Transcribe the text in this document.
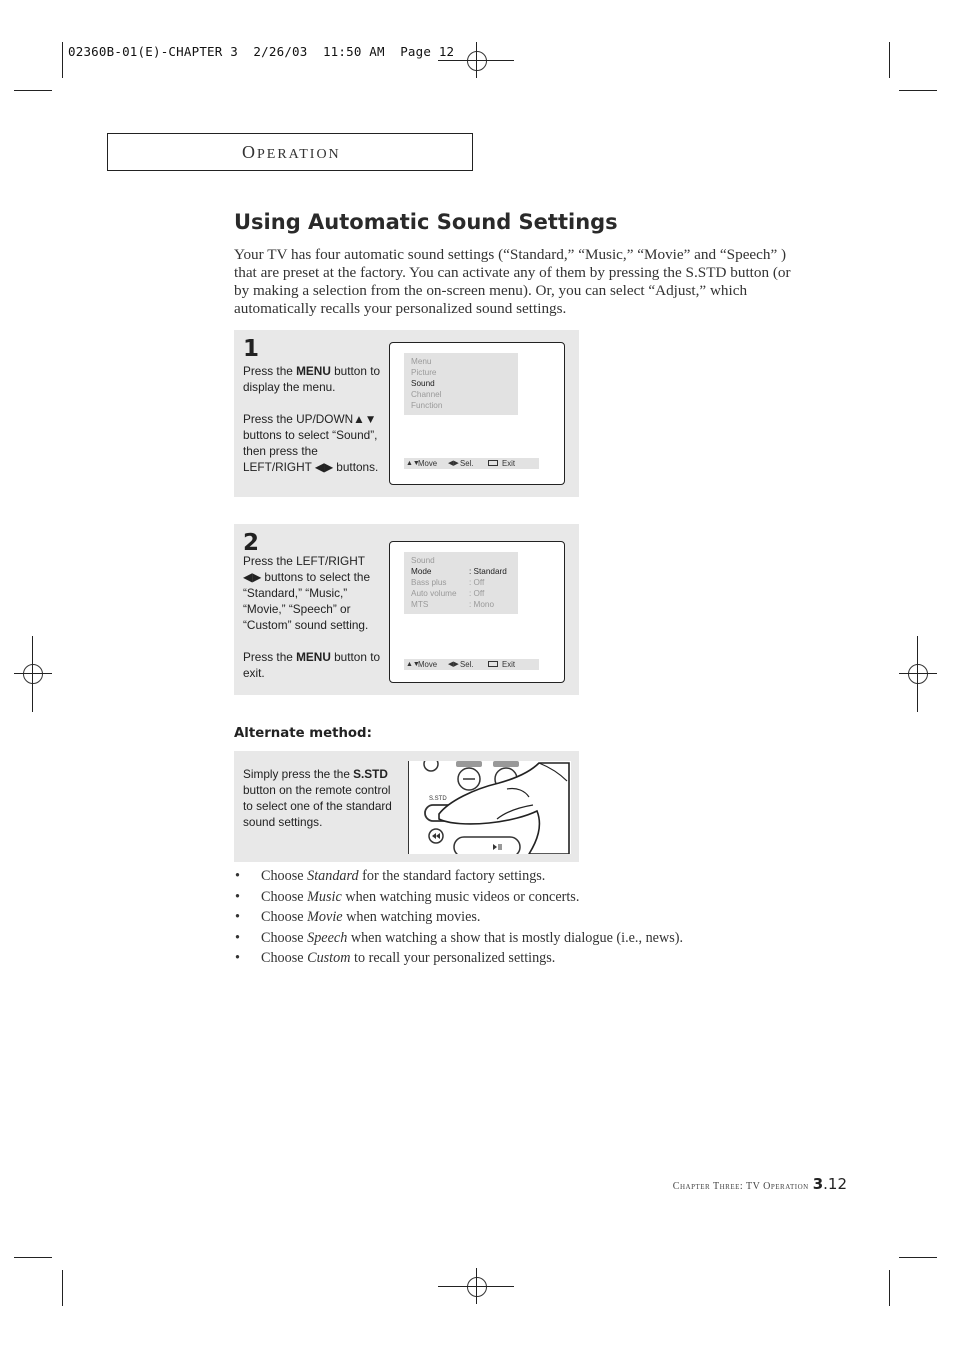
02360B-01(E)-CHAPTER 3  2/26/03  11:50 AM  Page 12
OPERATION
Using Automatic Sound Settings
Your TV has four automatic sound settings (“Standard,” “Music,” “Movie” and “Speech” ) that are preset at the factory. You can activate any of them by pressing the S.STD button (or by making a selection from the on-screen menu). Or, you can select “Adjust,” which automatically recalls your personalized sound settings.
1
Press the MENU button to display the menu.
Press the UP/DOWN▲▼ buttons to select “Sound”, then press the LEFT/RIGHT ◀▶ buttons.
Menu
Picture
Sound
Channel
Function
▲▼
Move ◀▶ Sel.	Exit
2
Press the LEFT/RIGHT ◀▶ buttons to select the “Standard,” “Music,” “Movie,” “Speech” or “Custom” sound setting.
Press the MENU button to exit.
Sound
Mode	: Standard
Bass plus	: Off
Auto volume : Off
MTS	: Mono
▲▼
Move ◀▶ Sel.	Exit
Alternate method:
Simply press the the S.STD button on the remote control to select one of the standard sound settings.
S.STD
• Choose Standard for the standard factory settings.
• Choose Music when watching music videos or concerts.
• Choose Movie when watching movies.
• Choose Speech when watching a show that is mostly dialogue (i.e., news).
• Choose Custom to recall your personalized settings.
Chapter Three: TV Operation 3.12
